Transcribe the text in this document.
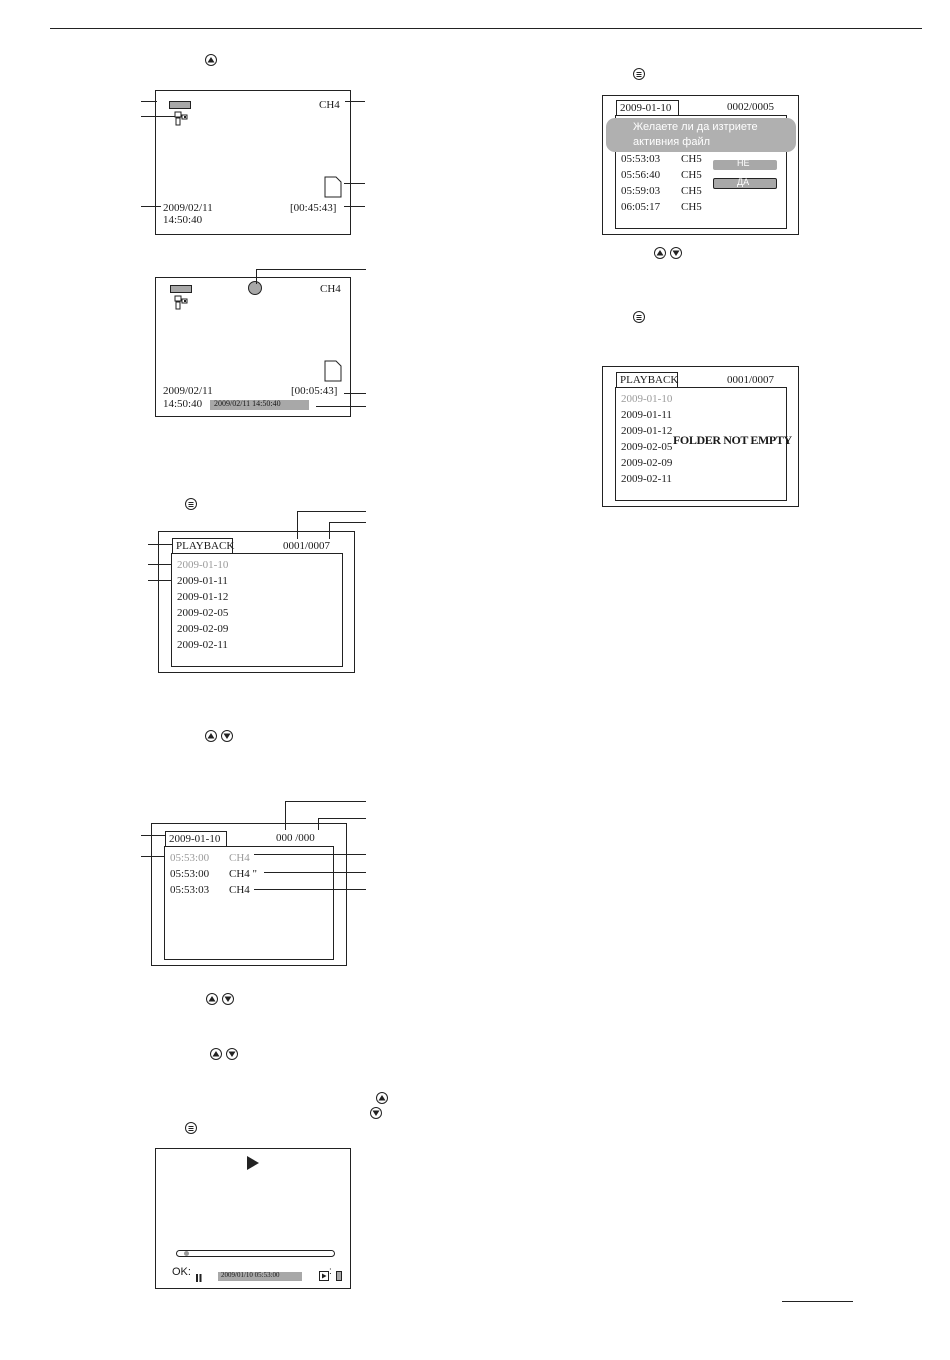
CH4
2009/02/11
14:50:40
[00:45:43]
CH4
2009/02/11
14:50:40
[00:05:43]
2009/02/11 14:50:40
PLAYBACK	0001/0007
2009-01-10
2009-01-11
2009-01-12
2009-02-05
2009-02-09
2009-02-11
2009-01-10	000 /000
05:53:00 CH4
05:53:00 CH4 "
05:53:03 CH4
OK:	2009/01/10 05:53:00	:
2009-01-10	0002/0005
Желаете ли да изтриете
активния файл
05:53:03 CH5
05:56:40 CH5
05:59:03 CH5
06:05:17 CH5
НЕ
ДА
PLAYBACK	0001/0007
2009-01-10
2009-01-11
2009-01-12
2009-02-05
2009-02-09
2009-02-11
FOLDER NOT EMPTY
